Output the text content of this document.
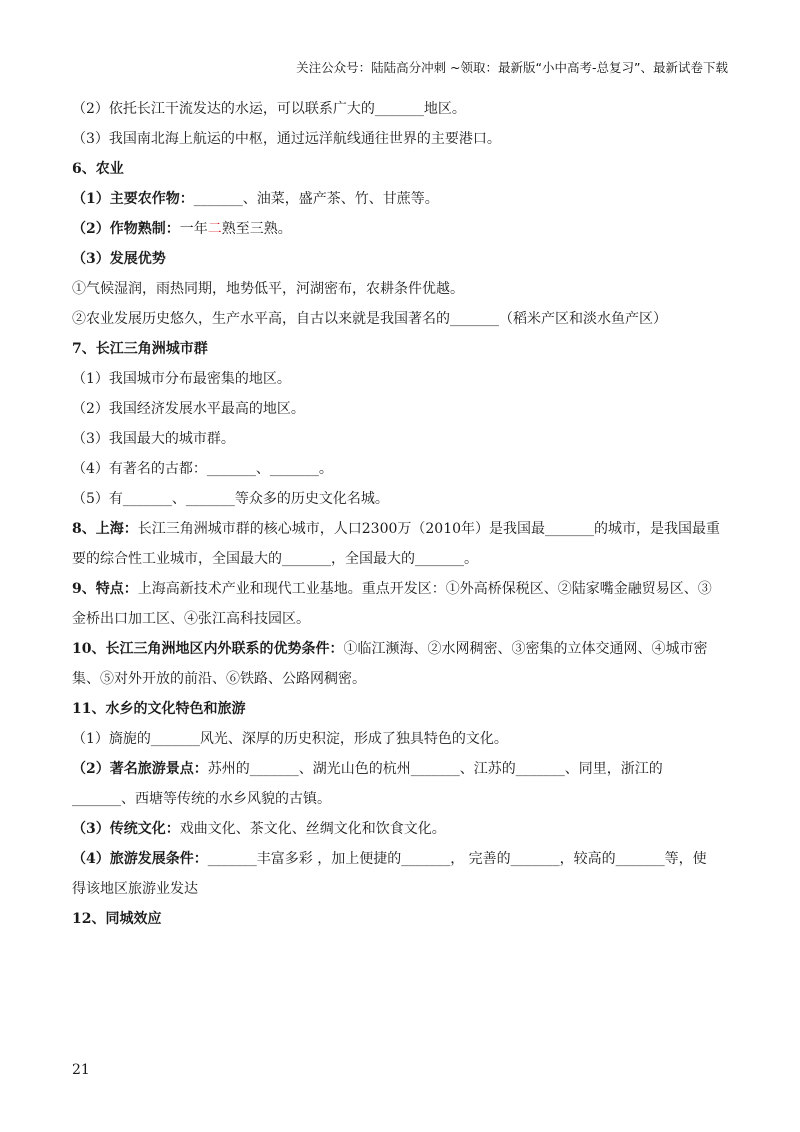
关注公众号：陆陆高分冲刺 ~领取：最新版“小中高考-总复习”、最新试卷下载
（2）依托长江干流发达的水运，可以联系广大的_______地区。
（3）我国南北海上航运的中枢，通过远洋航线通往世界的主要港口。
6、农业
（1）主要农作物：_______、油菜，盛产茶、竹、甘蔗等。
（2）作物熟制：一年二熟至三熟。
（3）发展优势
①气候湿润，雨热同期，地势低平，河湖密布，农耕条件优越。
②农业发展历史悠久，生产水平高，自古以来就是我国著名的_______（稻米产区和淡水鱼产区）
7、长江三角洲城市群
（1）我国城市分布最密集的地区。
（2）我国经济发展水平最高的地区。
（3）我国最大的城市群。
（4）有著名的古都：_______、_______。
（5）有_______、_______等众多的历史文化名城。
8、上海：长江三角洲城市群的核心城市，人口2300万（2010年）是我国最_______的城市，是我国最重
要的综合性工业城市，全国最大的_______，全国最大的_______。
9、特点：上海高新技术产业和现代工业基地。重点开发区：①外高桥保税区、②陆家嘴金融贸易区、③
金桥出口加工区、④张江高科技园区。
10、长江三角洲地区内外联系的优势条件：①临江濒海、②水网稠密、③密集的立体交通网、④城市密
集、⑤对外开放的前沿、⑥铁路、公路网稠密。
11、水乡的文化特色和旅游
（1）旖旎的_______风光、深厚的历史积淀，形成了独具特色的文化。
（2）著名旅游景点：苏州的_______、湖光山色的杭州_______、江苏的_______、同里，浙江的
_______、西塘等传统的水乡风貌的古镇。
（3）传统文化：戏曲文化、茶文化、丝绸文化和饮食文化。
（4）旅游发展条件：_______丰富多彩 ，加上便捷的_______， 完善的_______，较高的_______等，使
得该地区旅游业发达
12、同城效应
21
